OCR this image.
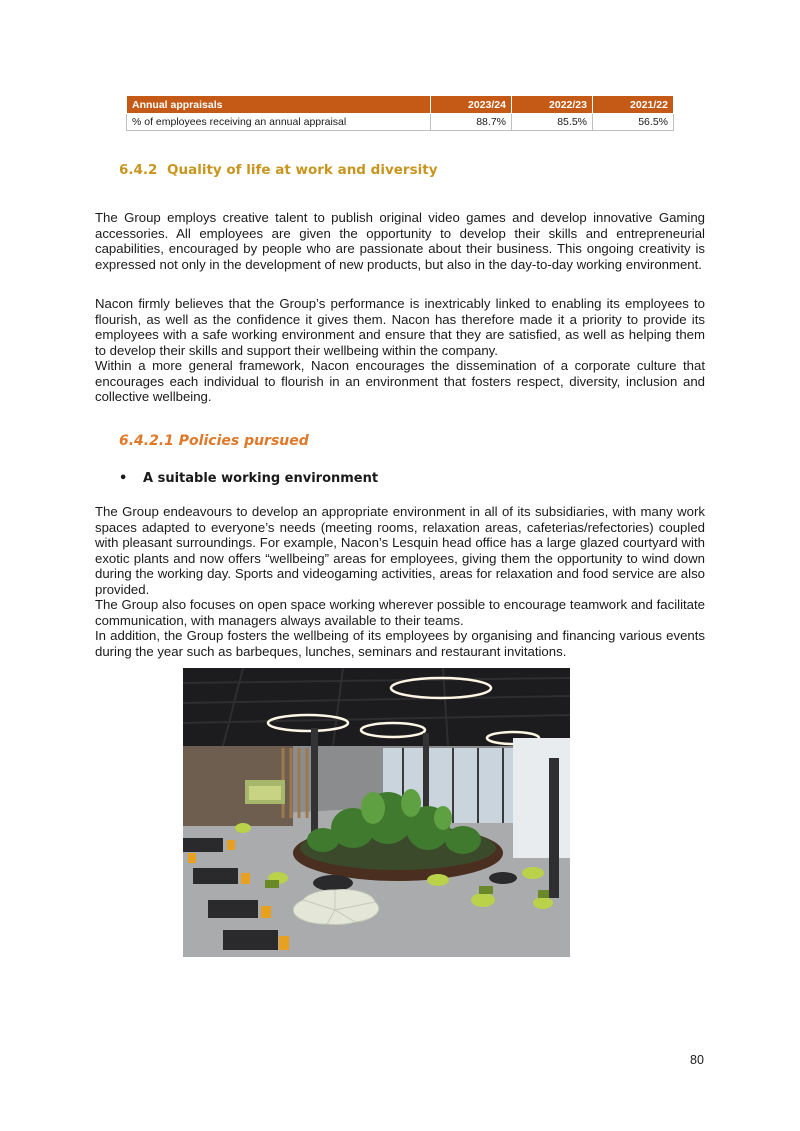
Annual appraisals	2023/24	2022/23	2021/22
% of employees receiving an annual appraisal	88.7%	85.5%	56.5%
6.4.2 Quality of life at work and diversity

The Group employs creative talent to publish original video games and develop innovative Gaming accessories. All employees are given the opportunity to develop their skills and entrepreneurial capabilities, encouraged by people who are passionate about their business. This ongoing creativity is expressed not only in the development of new products, but also in the day-to-day working environment.

Nacon firmly believes that the Group’s performance is inextricably linked to enabling its employees to flourish, as well as the confidence it gives them. Nacon has therefore made it a priority to provide its employees with a safe working environment and ensure that they are satisfied, as well as helping them to develop their skills and support their wellbeing within the company.

Within a more general framework, Nacon encourages the dissemination of a corporate culture that encourages each individual to flourish in an environment that fosters respect, diversity, inclusion and collective wellbeing.

6.4.2.1 Policies pursued
• A suitable working environment

The Group endeavours to develop an appropriate environment in all of its subsidiaries, with many work spaces adapted to everyone’s needs (meeting rooms, relaxation areas, cafeterias/refectories) coupled with pleasant surroundings. For example, Nacon’s Lesquin head office has a large glazed courtyard with exotic plants and now offers “wellbeing” areas for employees, giving them the opportunity to wind down during the working day. Sports and videogaming activities, areas for relaxation and food service are also provided.

The Group also focuses on open space working wherever possible to encourage teamwork and facilitate communication, with managers always available to their teams.

In addition, the Group fosters the wellbeing of its employees by organising and financing various events during the year such as barbeques, lunches, seminars and restaurant invitations.

80
